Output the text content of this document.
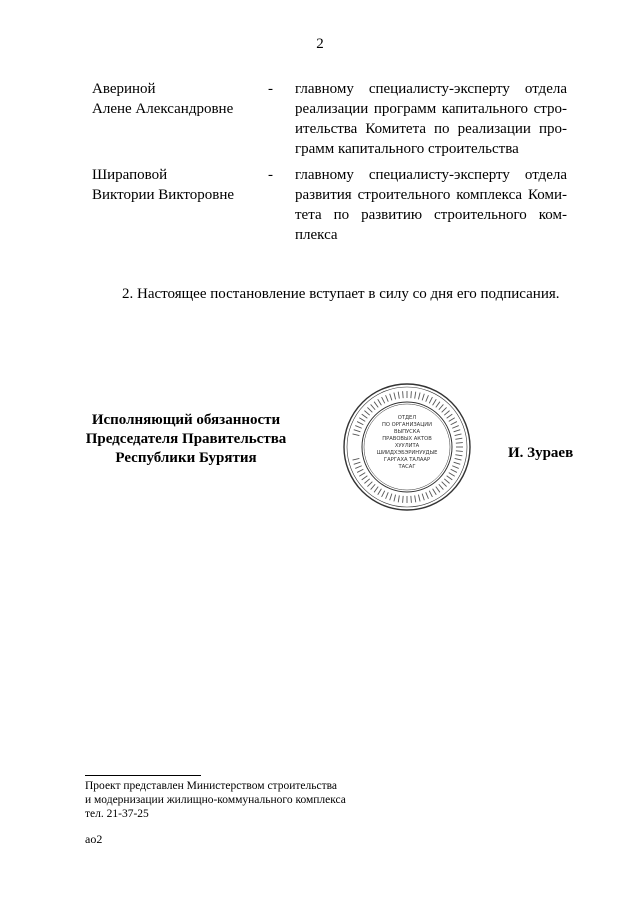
2
Авериной
Алене Александровне
- главному специалисту-эксперту отдела
реализации программ капитального стро-
ительства Комитета по реализации про-
грамм капитального строительства
Шираповой
Виктории Викторовне
- главному специалисту-эксперту отдела
развития строительного комплекса Коми-
тета по развитию строительного ком-
плекса
2. Настоящее постановление вступает в силу со дня его подписания.
Исполняющий обязанности
Председателя Правительства
Республики Бурятия
ОТДЕЛ
ПО ОРГАНИЗАЦИИ
ВЫПУСКА
ПРАВОВЫХ АКТОВ
ХУУЛИТА
ШИИДХЭБЭРИНУУДЫЕ
ГАРГАХА ТАЛААР
ТАСАГ
И. Зураев
Проект представлен Министерством строительства
и модернизации жилищно-коммунального комплекса
тел. 21-37-25
ао2
